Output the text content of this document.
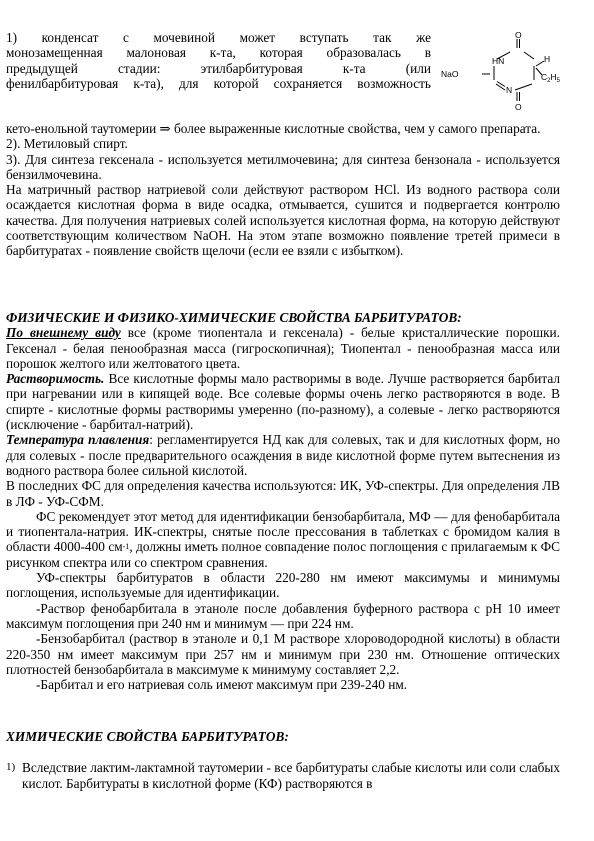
O
HN	H
NaO	$C_2H_5$
N
O

1) конденсат с мочевиной может вступать так же

монозамещенная малоновая к-та, которая образовалась в

предыдущей стадии: этилбарбитуровая к-та (или

фенилбарбитуровая к-та), для которой сохраняется возможность

кето-енольной таутомерии ⇒ более выраженные кислотные свойства, чем у самого препарата.

2). Метиловый спирт.

3). Для синтеза гексенала - используется метилмочевина; для синтеза бензонала - используется бензилмочевина.

На матричный раствор натриевой соли действуют раствором HCl. Из водного раствора соли осаждается кислотная форма в виде осадка, отмывается, сушится и подвергается контролю качества. Для получения натриевых солей используется кислотная форма, на которую действуют соответствующим количеством NaOH. На этом этапе возможно появление третей примеси в барбитуратах - появление свойств щелочи (если ее взяли с избытком).

ФИЗИЧЕСКИЕ И ФИЗИКО-ХИМИЧЕСКИЕ СВОЙСТВА БАРБИТУРАТОВ:

По внешнему виду все (кроме тиопентала и гексенала) - белые кристаллические порошки. Гексенал - белая пенообразная масса (гигроскопичная); Тиопентал - пенообразная масса или порошок желтого или желтоватого цвета.

Растворимость. Все кислотные формы мало растворимы в воде. Лучше растворяется барбитал при нагревании или в кипящей воде. Все солевые формы очень легко растворяются в воде. В спирте - кислотные формы растворимы умеренно (по-разному), а солевые - легко растворяются (исключение - барбитал-натрий).

Температура плавления: регламентируется НД как для солевых, так и для кислотных форм, но для солевых - после предварительного осаждения в виде кислотной форме путем вытеснения из водного раствора более сильной кислотой.

В последних ФС для определения качества используются: ИК, УФ-спектры. Для определения ЛВ в ЛФ - УФ-СФМ.

ФС рекомендует этот метод для идентификации бензобарбитала, МФ — для фенобарбитала и тиопентала-натрия. ИК-спектры, снятые после прессования в таблетках с бромидом калия в области 4000-400 $см^{-1}$, должны иметь полное совпадение полос поглощения с прилагаемым к ФС рисунком спектра или со спектром сравнения.

УФ-спектры барбитуратов в области 220-280 нм имеют максимумы и минимумы поглощения, используемые для идентификации.

-Раствор фенобарбитала в этаноле после добавления буферного раствора с pH 10 имеет максимум поглощения при 240 нм и минимум — при 224 нм.

-Бензобарбитал (раствор в этаноле и 0,1 М растворе хлороводородной кислоты) в области 220-350 нм имеет максимум при 257 нм и минимум при 230 нм. Отношение оптических плотностей бензобарбитала в максимуме к минимуму составляет 2,2.

-Барбитал и его натриевая соль имеют максимум при 239-240 нм.

ХИМИЧЕСКИЕ СВОЙСТВА БАРБИТУРАТОВ:
1) Вследствие лактим-лактамной таутомерии - все барбитураты слабые кислоты или соли слабых кислот. Барбитураты в кислотной форме (КФ) растворяются в
